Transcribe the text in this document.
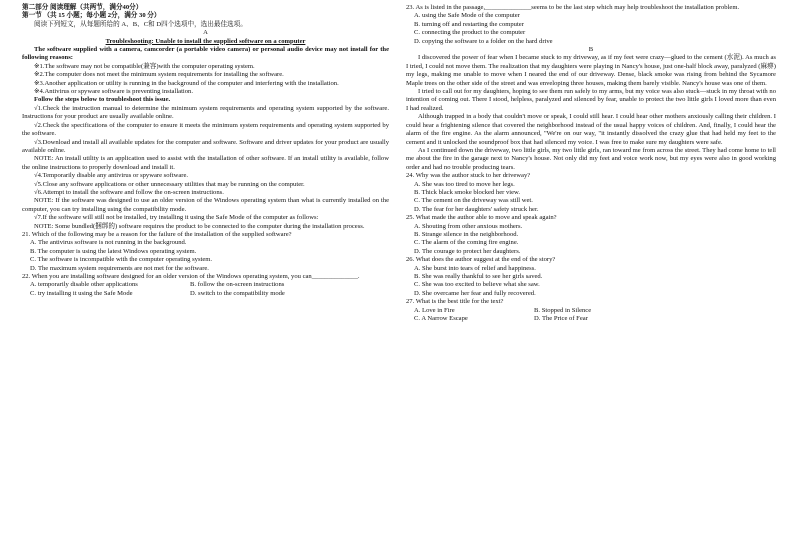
第二部分 阅读理解（共两节，满分40分）

第一节 （共 15 小题；每小题 2分，满分 30 分）

阅读下列短文，从每题所给的 A、B、C和 D四个选项中，选出最佳选项。

A

Troubleshooting: Unable to install the supplied software on a computer

The software supplied with a camera, camcorder (a portable video camera) or personal audio device may not install for the following reasons:

※1.The software may not be compatible(兼容)with the computer operating system.

※2.The computer does not meet the minimum system requirements for installing the software.

※3.Another application or utility is running in the background of the computer and interfering with the installation.

※4.Antivirus or spyware software is preventing installation.

Follow the steps below to troubleshoot this issue.

√1.Check the instruction manual to determine the minimum system requirements and operating system supported by the software. Instructions for your product are usually available online.

√2.Check the specifications of the computer to ensure it meets the minimum system requirements and operating system supported by the software.

√3.Download and install all available updates for the computer and software. Software and driver updates for your product are usually available online.

NOTE: An install utility is an application used to assist with the installation of other software. If an install utility is available, follow the online instructions to properly download and install it.

√4.Temporarily disable any antivirus or spyware software.

√5.Close any software applications or other unnecessary utilities that may be running on the computer.

√6.Attempt to install the software and follow the on-screen instructions.

NOTE: If the software was designed to use an older version of the Windows operating system than what is currently installed on the computer, you can try installing using the compatibility mode.

√7.If the software will still not be installed, try installing it using the Safe Mode of the computer as follows:

NOTE: Some bundled(捆绑的) software requires the product to be connected to the computer during the installation process.

21. Which of the following may be a reason for the failure of the installation of the supplied software?

A. The antivirus software is not running in the background.

B. The computer is using the latest Windows operating system.

C. The software is incompatible with the computer operating system.

D. The maximum system requirements are not met for the software.

22. When you are installing software designed for an older version of the Windows operating system, you can______________.

A. temporarily disable other applications	B. follow the on-screen instructions
C. try installing it using the Safe Mode	D. switch to the compatibility mode

23. As is listed in the passage,______________seems to be the last step which may help troubleshoot the installation problem.

A. using the Safe Mode of the computer

B. turning off and restarting the computer

C. connecting the product to the computer

D. copying the software to a folder on the hard drive

B

I discovered the power of fear when I became stuck to my driveway, as if my feet were crazy—glued to the cement (水泥). As much as I tried, I could not move them. The realization that my daughters were playing in Nancy's house, just one-half block away, paralyzed (麻痹) my legs, making me unable to move when I neared the end of our driveway. Dense, black smoke was rising from behind the Sycamore Maple trees on the other side of the street and was enveloping three houses, making them barely visible. Nancy's house was one of them.

I tried to call out for my daughters, hoping to see them run safely to my arms, but my voice was also stuck—stuck in my throat with no intention of coming out. There I stood, helpless, paralyzed and silenced by fear, unable to protect the two little girls I loved more than even I had realized.

Although trapped in a body that couldn't move or speak, I could still hear. I could hear other mothers anxiously calling their children. I could hear a frightening silence that covered the neighborhood instead of the usual happy voices of children. And, finally, I could hear the alarm of the fire engine. As the alarm announced, "We're on our way, "it instantly dissolved the crazy glue that had held my feet to the cement and it unlocked the soundproof box that had silenced my voice. I was free to make sure my daughters were safe.

As I continued down the driveway, two little girls, my two little girls, ran toward me from across the street. They had come home to tell me about the fire in the garage next to Nancy's house. Not only did my feet and voice work now, but my eyes were also in good working order and had no trouble producing tears.

24. Why was the author stuck to her driveway?

A. She was too tired to move her legs.

B. Thick black smoke blocked her view.

C. The cement on the driveway was still wet.

D. The fear for her daughters' safety struck her.

25. What made the author able to move and speak again?

A. Shouting from other anxious mothers.

B. Strange silence in the neighborhood.

C. The alarm of the coming fire engine.

D. The courage to protect her daughters.

26. What does the author suggest at the end of the story?

A. She burst into tears of relief and happiness.

B. She was really thankful to see her girls saved.

C. She was too excited to believe what she saw.

D. She overcame her fear and fully recovered.

27. What is the best title for the text?

A. Love in Fire	B. Stopped in Silence
C. A Narrow Escape	D. The Price of Fear
